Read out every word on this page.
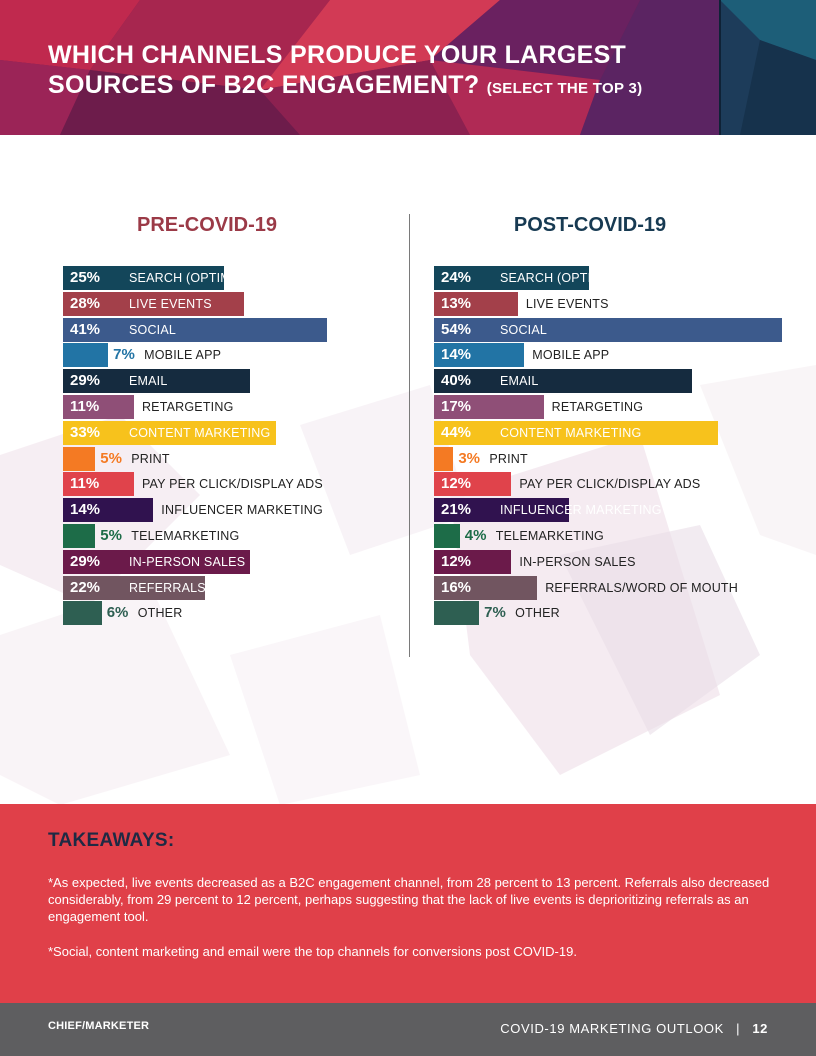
WHICH CHANNELS PRODUCE YOUR LARGEST SOURCES OF B2C ENGAGEMENT? (SELECT THE TOP 3)
PRE-COVID-19	POST-COVID-19
25% SEARCH (OPTIMIZATION & MARKETING)
28% LIVE EVENTS
41% SOCIAL
7% MOBILE APP
29% EMAIL
11%	RETARGETING
33% CONTENT MARKETING
5% PRINT
11%	PAY PER CLICK/DISPLAY ADS
14%	INFLUENCER MARKETING
5% TELEMARKETING
29% IN-PERSON SALES
22% REFERRALS/WORD OF MOUTH
6% OTHER
24% SEARCH (OPTIMIZATION & MARKETING)
13%	LIVE EVENTS
54% SOCIAL
14%	MOBILE APP
40% EMAIL
17%	RETARGETING
44% CONTENT MARKETING
3% PRINT
12%	PAY PER CLICK/DISPLAY ADS
21% INFLUENCER MARKETING
4% TELEMARKETING
12%	IN-PERSON SALES
16%	REFERRALS/WORD OF MOUTH
7% OTHER
TAKEAWAYS:
*As expected, live events decreased as a B2C engagement channel, from 28 percent to 13 percent. Referrals also decreased considerably, from 29 percent to 12 percent, perhaps suggesting that the lack of live events is deprioritizing referrals as an engagement tool.
*Social, content marketing and email were the top channels for conversions post COVID-19.
CHIEF/MARKETER	COVID-19 MARKETING OUTLOOK | 12
